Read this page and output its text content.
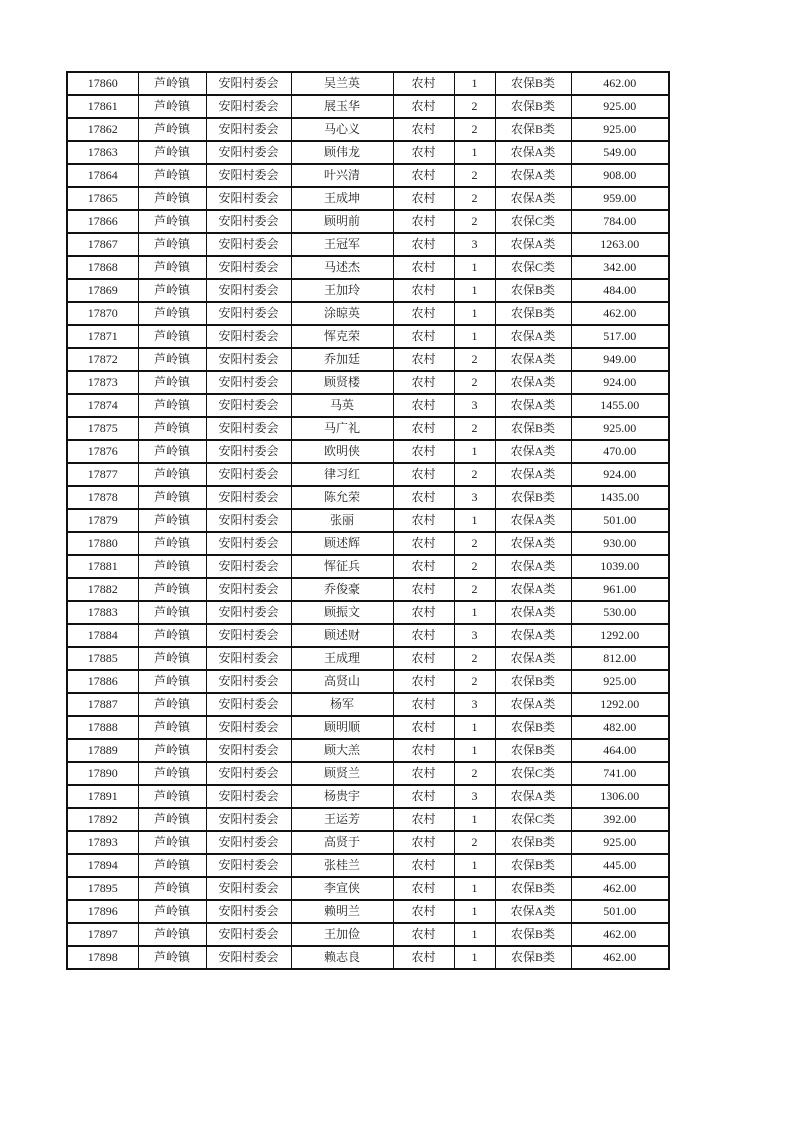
17860	芦岭镇	安阳村委会	吴兰英	农村	1	农保B类	462.00
17861	芦岭镇	安阳村委会	展玉华	农村	2	农保B类	925.00
17862	芦岭镇	安阳村委会	马心义	农村	2	农保B类	925.00
17863	芦岭镇	安阳村委会	顾伟龙	农村	1	农保A类	549.00
17864	芦岭镇	安阳村委会	叶兴清	农村	2	农保A类	908.00
17865	芦岭镇	安阳村委会	王成坤	农村	2	农保A类	959.00
17866	芦岭镇	安阳村委会	顾明前	农村	2	农保C类	784.00
17867	芦岭镇	安阳村委会	王冠军	农村	3	农保A类	1263.00
17868	芦岭镇	安阳村委会	马述杰	农村	1	农保C类	342.00
17869	芦岭镇	安阳村委会	王加玲	农村	1	农保B类	484.00
17870	芦岭镇	安阳村委会	涂晾英	农村	1	农保B类	462.00
17871	芦岭镇	安阳村委会	恽克荣	农村	1	农保A类	517.00
17872	芦岭镇	安阳村委会	乔加廷	农村	2	农保A类	949.00
17873	芦岭镇	安阳村委会	顾贤楼	农村	2	农保A类	924.00
17874	芦岭镇	安阳村委会	马英	农村	3	农保A类	1455.00
17875	芦岭镇	安阳村委会	马广礼	农村	2	农保B类	925.00
17876	芦岭镇	安阳村委会	欧明侠	农村	1	农保A类	470.00
17877	芦岭镇	安阳村委会	律习红	农村	2	农保A类	924.00
17878	芦岭镇	安阳村委会	陈允荣	农村	3	农保B类	1435.00
17879	芦岭镇	安阳村委会	张丽	农村	1	农保A类	501.00
17880	芦岭镇	安阳村委会	顾述辉	农村	2	农保A类	930.00
17881	芦岭镇	安阳村委会	恽征兵	农村	2	农保A类	1039.00
17882	芦岭镇	安阳村委会	乔俊豪	农村	2	农保A类	961.00
17883	芦岭镇	安阳村委会	顾振文	农村	1	农保A类	530.00
17884	芦岭镇	安阳村委会	顾述财	农村	3	农保A类	1292.00
17885	芦岭镇	安阳村委会	王成理	农村	2	农保A类	812.00
17886	芦岭镇	安阳村委会	高贤山	农村	2	农保B类	925.00
17887	芦岭镇	安阳村委会	杨军	农村	3	农保A类	1292.00
17888	芦岭镇	安阳村委会	顾明顺	农村	1	农保B类	482.00
17889	芦岭镇	安阳村委会	顾大羔	农村	1	农保B类	464.00
17890	芦岭镇	安阳村委会	顾贤兰	农村	2	农保C类	741.00
17891	芦岭镇	安阳村委会	杨贵宇	农村	3	农保A类	1306.00
17892	芦岭镇	安阳村委会	王运芳	农村	1	农保C类	392.00
17893	芦岭镇	安阳村委会	高贤于	农村	2	农保B类	925.00
17894	芦岭镇	安阳村委会	张桂兰	农村	1	农保B类	445.00
17895	芦岭镇	安阳村委会	李宣侠	农村	1	农保B类	462.00
17896	芦岭镇	安阳村委会	赖明兰	农村	1	农保A类	501.00
17897	芦岭镇	安阳村委会	王加俭	农村	1	农保B类	462.00
17898	芦岭镇	安阳村委会	赖志良	农村	1	农保B类	462.00
